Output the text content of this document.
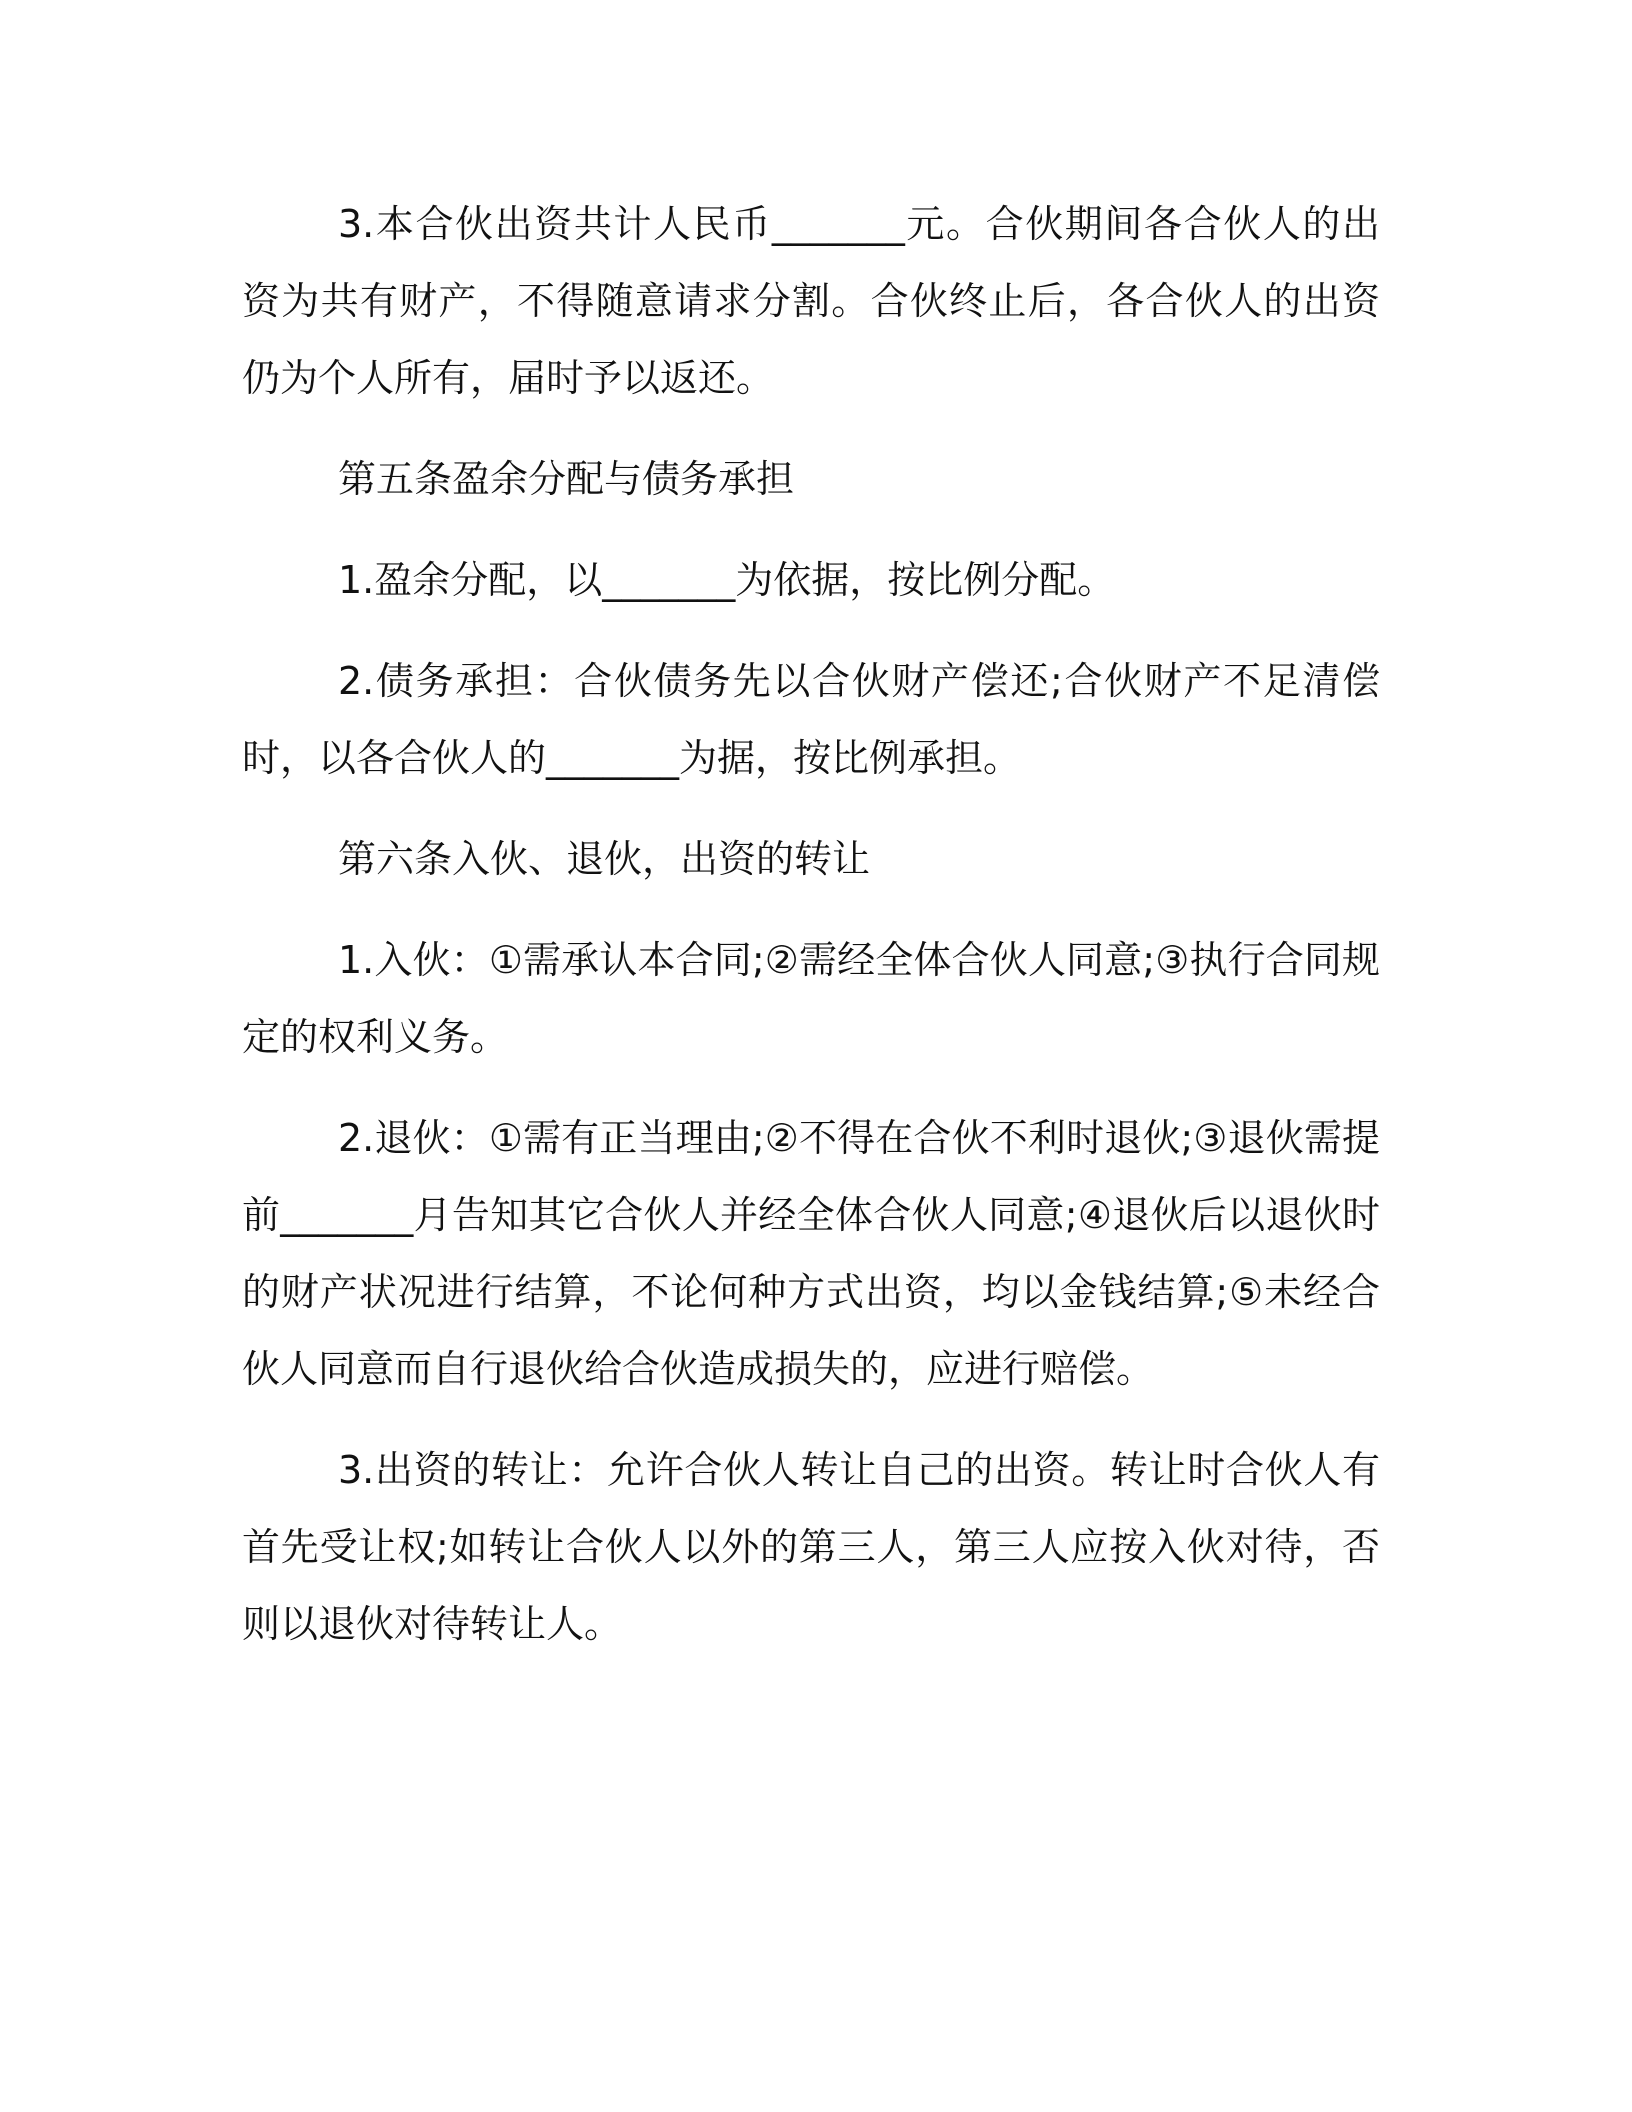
3.本合伙出资共计人民币_______元。合伙期间各合伙人的出资为共有财产，不得随意请求分割。合伙终止后，各合伙人的出资仍为个人所有，届时予以返还。

第五条盈余分配与债务承担

1.盈余分配，以_______为依据，按比例分配。

2.债务承担：合伙债务先以合伙财产偿还;合伙财产不足清偿时，以各合伙人的_______为据，按比例承担。

第六条入伙、退伙，出资的转让

1.入伙：①需承认本合同;②需经全体合伙人同意;③执行合同规定的权利义务。

2.退伙：①需有正当理由;②不得在合伙不利时退伙;③退伙需提前_______月告知其它合伙人并经全体合伙人同意;④退伙后以退伙时的财产状况进行结算，不论何种方式出资，均以金钱结算;⑤未经合伙人同意而自行退伙给合伙造成损失的，应进行赔偿。

3.出资的转让：允许合伙人转让自己的出资。转让时合伙人有首先受让权;如转让合伙人以外的第三人，第三人应按入伙对待，否则以退伙对待转让人。
